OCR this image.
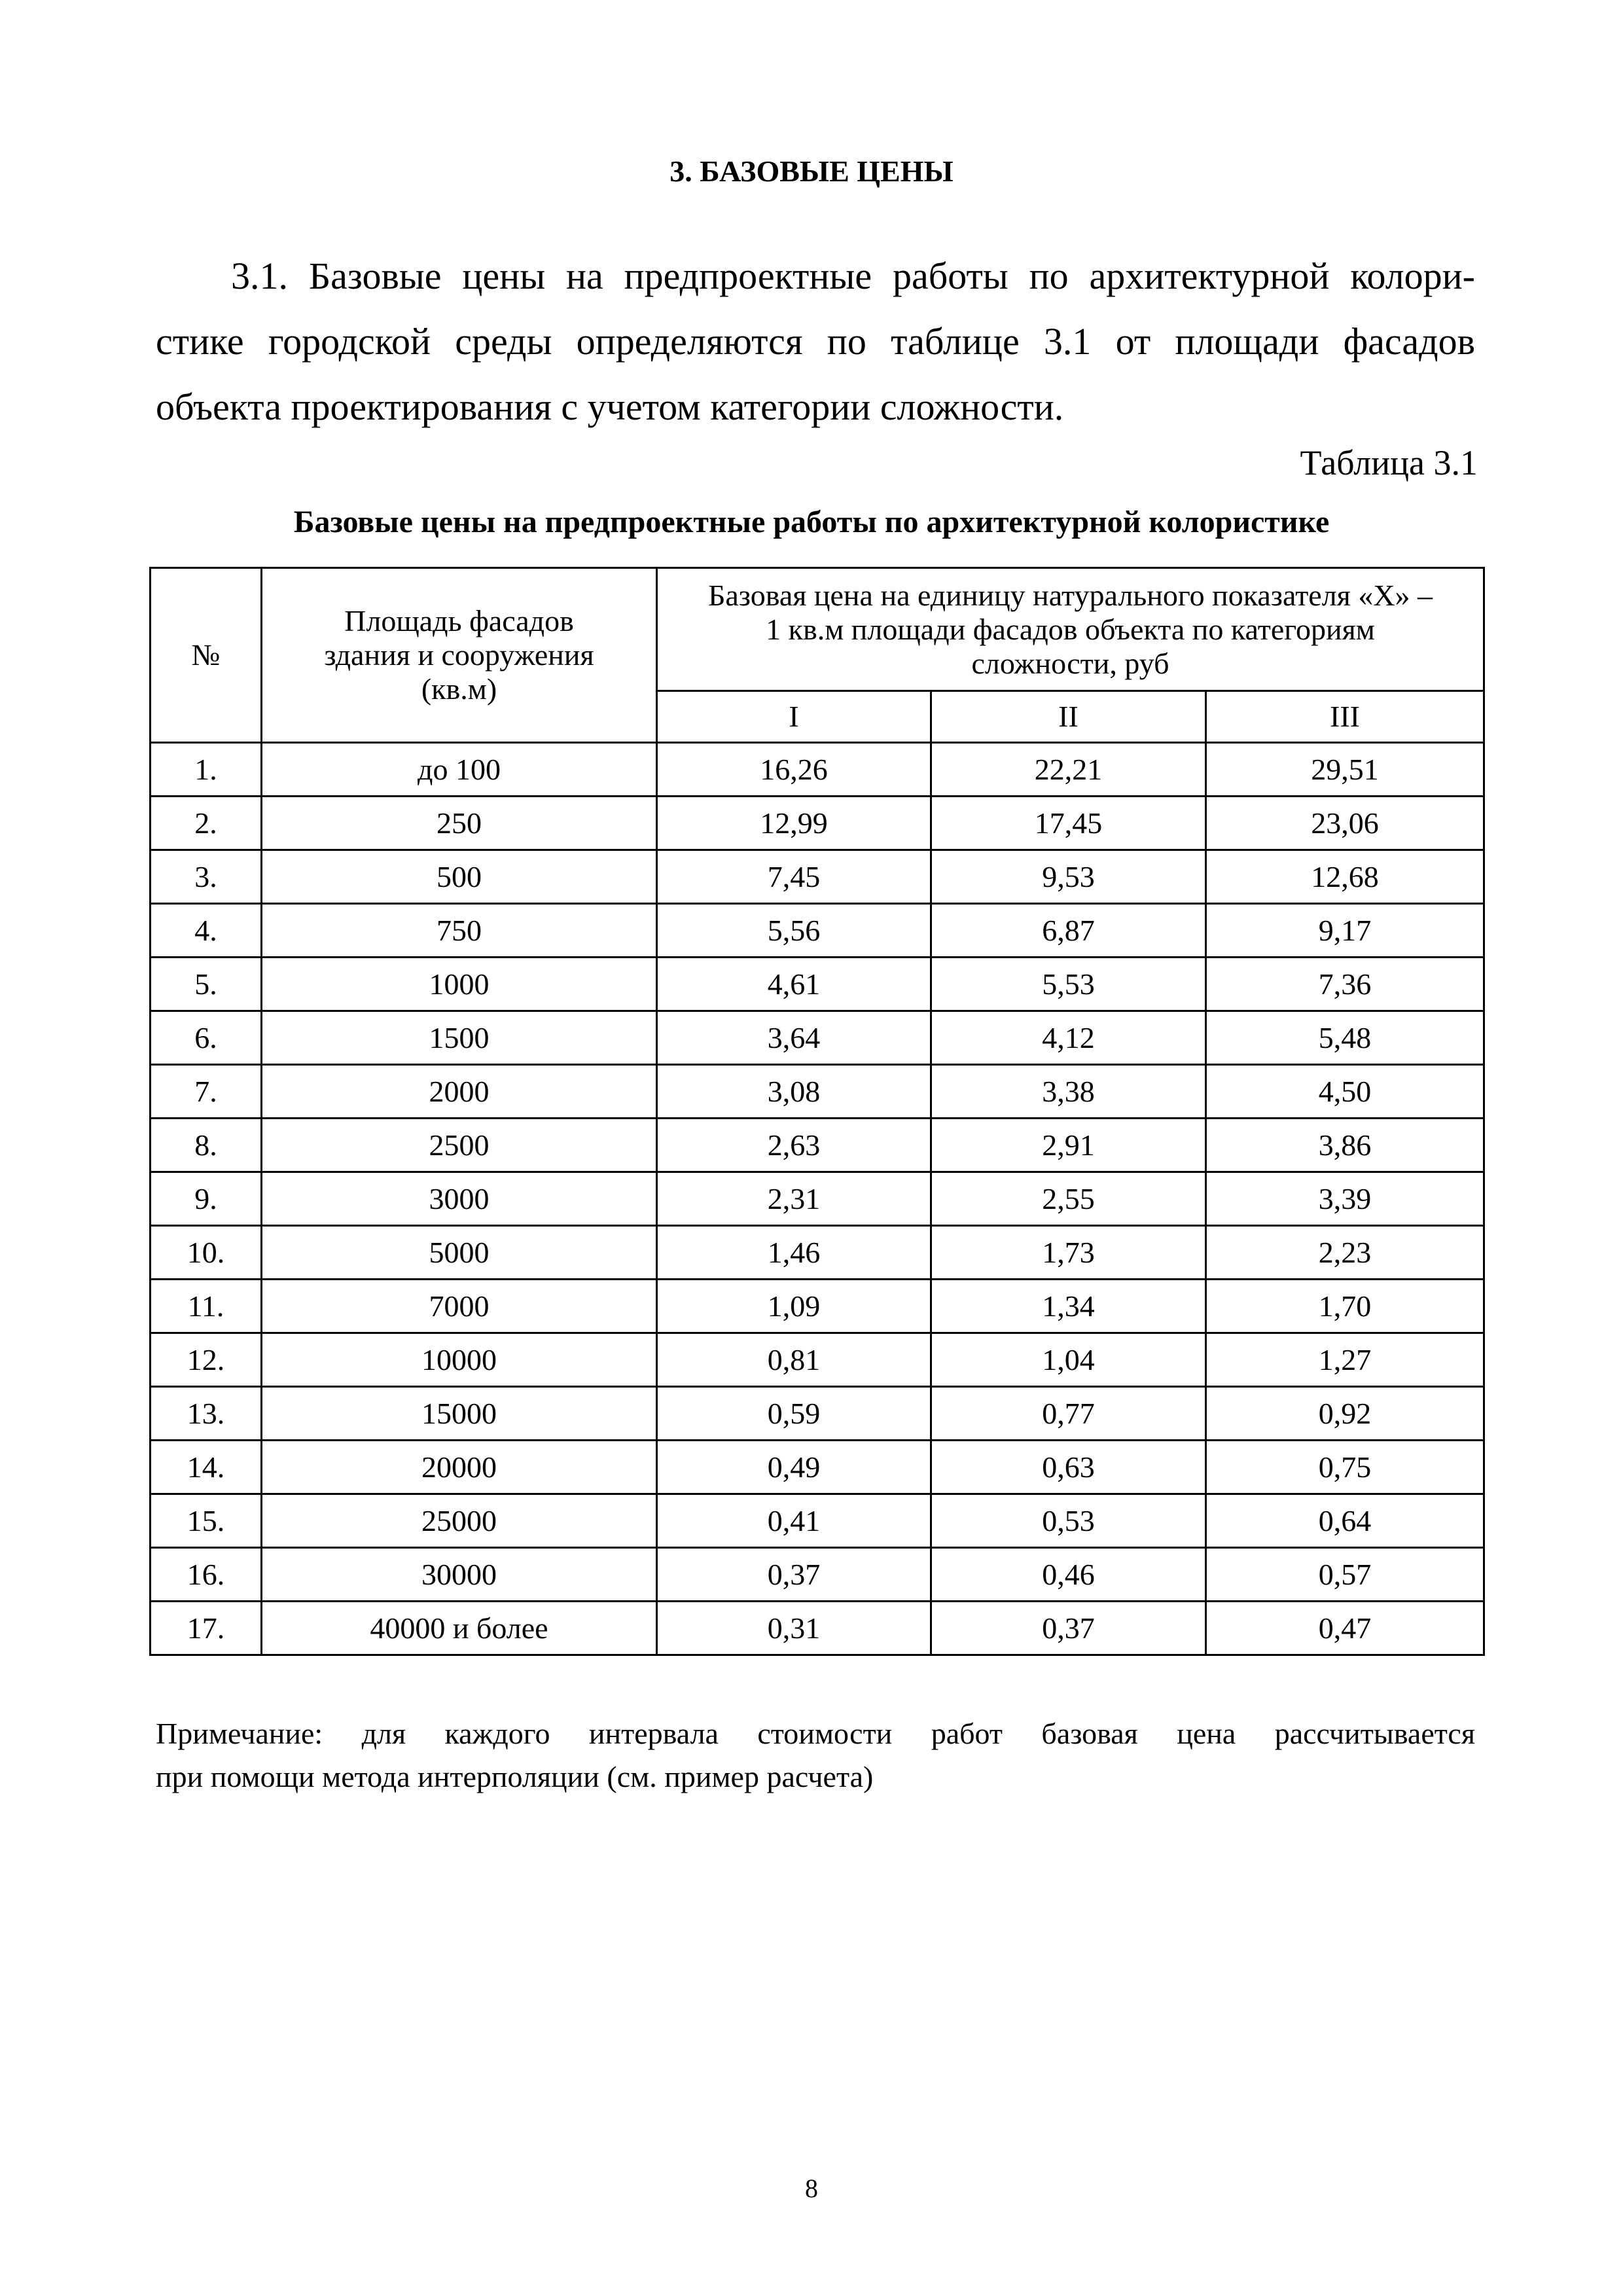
3. БАЗОВЫЕ ЦЕНЫ
3.1. Базовые цены на предпроектные работы по архитектурной колори-
стике городской среды определяются по таблице 3.1 от площади фасадов
объекта проектирования с учетом категории сложности.
Таблица 3.1
Базовые цены на предпроектные работы по архитектурной колористике
№	Площадь фасадов здания и сооружения (кв.м)	Базовая цена на единицу натурального показателя «Х» – 1 кв.м площади фасадов объекта по категориям сложности, руб		
		I	II	III
1.	до 100	16,26	22,21	29,51
2.	250	12,99	17,45	23,06
3.	500	7,45	9,53	12,68
4.	750	5,56	6,87	9,17
5.	1000	4,61	5,53	7,36
6.	1500	3,64	4,12	5,48
7.	2000	3,08	3,38	4,50
8.	2500	2,63	2,91	3,86
9.	3000	2,31	2,55	3,39
10.	5000	1,46	1,73	2,23
11.	7000	1,09	1,34	1,70
12.	10000	0,81	1,04	1,27
13.	15000	0,59	0,77	0,92
14.	20000	0,49	0,63	0,75
15.	25000	0,41	0,53	0,64
16.	30000	0,37	0,46	0,57
17.	40000 и более	0,31	0,37	0,47
Примечание: для каждого интервала стоимости работ базовая цена рассчитывается
при помощи метода интерполяции (см. пример расчета)
8
